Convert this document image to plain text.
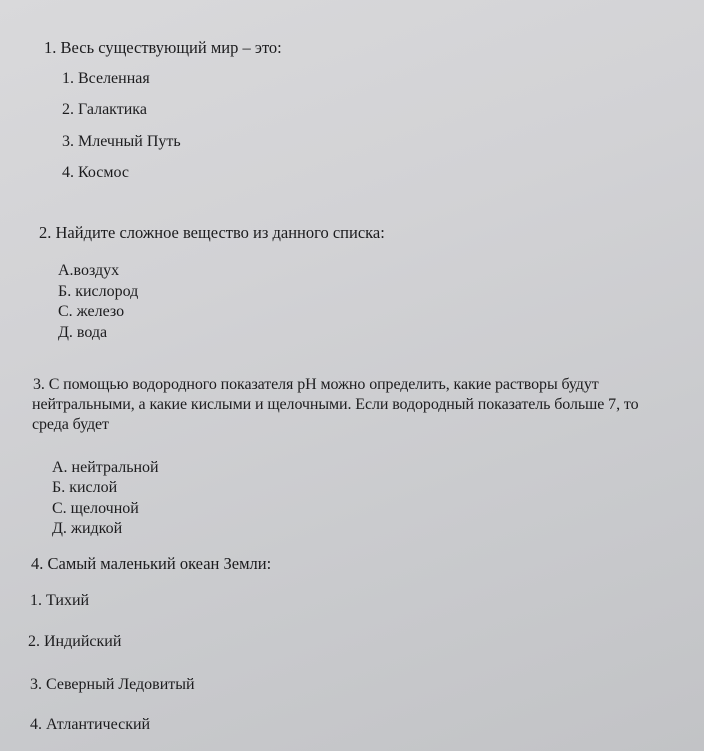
1. Весь существующий мир – это:
1. Вселенная
2. Галактика
3. Млечный Путь
4. Космос
2. Найдите сложное вещество из данного списка:
А.воздух
Б. кислород
С. железо
Д. вода
3. С помощью водородного показателя pH можно определить, какие растворы будут
нейтральными, а какие кислыми и щелочными. Если водородный показатель больше 7, то
среда будет
А. нейтральной
Б. кислой
С. щелочной
Д. жидкой
4. Самый маленький океан Земли:
1. Тихий
2. Индийский
3. Северный Ледовитый
4. Атлантический
